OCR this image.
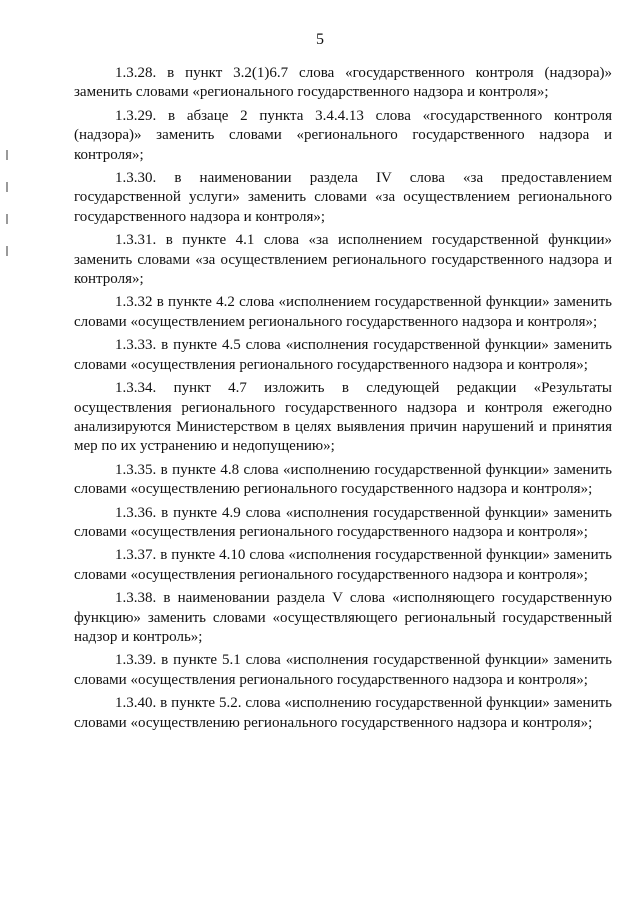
5

1.3.28. в пункт 3.2(1)6.7 слова «государственного контроля (надзора)» заменить словами «регионального государственного надзора и контроля»;

1.3.29. в абзаце 2 пункта 3.4.4.13 слова «государственного контроля (надзора)» заменить словами «регионального государственного надзора и контроля»;

1.3.30. в наименовании раздела IV слова «за предоставлением государственной услуги» заменить словами «за осуществлением регионального государственного надзора и контроля»;

1.3.31. в пункте 4.1 слова «за исполнением государственной функции» заменить словами «за осуществлением регионального государственного надзора и контроля»;

1.3.32 в пункте 4.2 слова «исполнением государственной функции» заменить словами «осуществлением регионального государственного надзора и контроля»;

1.3.33. в пункте 4.5 слова «исполнения государственной функции» заменить словами «осуществления регионального государственного надзора и контроля»;

1.3.34. пункт 4.7 изложить в следующей редакции «Результаты осуществления регионального государственного надзора и контроля ежегодно анализируются Министерством в целях выявления причин нарушений и принятия мер по их устранению и недопущению»;

1.3.35. в пункте 4.8 слова «исполнению государственной функции» заменить словами «осуществлению регионального государственного надзора и контроля»;

1.3.36. в пункте 4.9 слова «исполнения государственной функции» заменить словами «осуществления регионального государственного надзора и контроля»;

1.3.37. в пункте 4.10 слова «исполнения государственной функции» заменить словами «осуществления регионального государственного надзора и контроля»;

1.3.38. в наименовании раздела V слова «исполняющего государственную функцию» заменить словами «осуществляющего региональный государственный надзор и контроль»;

1.3.39. в пункте 5.1 слова «исполнения государственной функции» заменить словами «осуществления регионального государственного надзора и контроля»;

1.3.40. в пункте 5.2. слова «исполнению государственной функции» заменить словами «осуществлению регионального государственного надзора и контроля»;
